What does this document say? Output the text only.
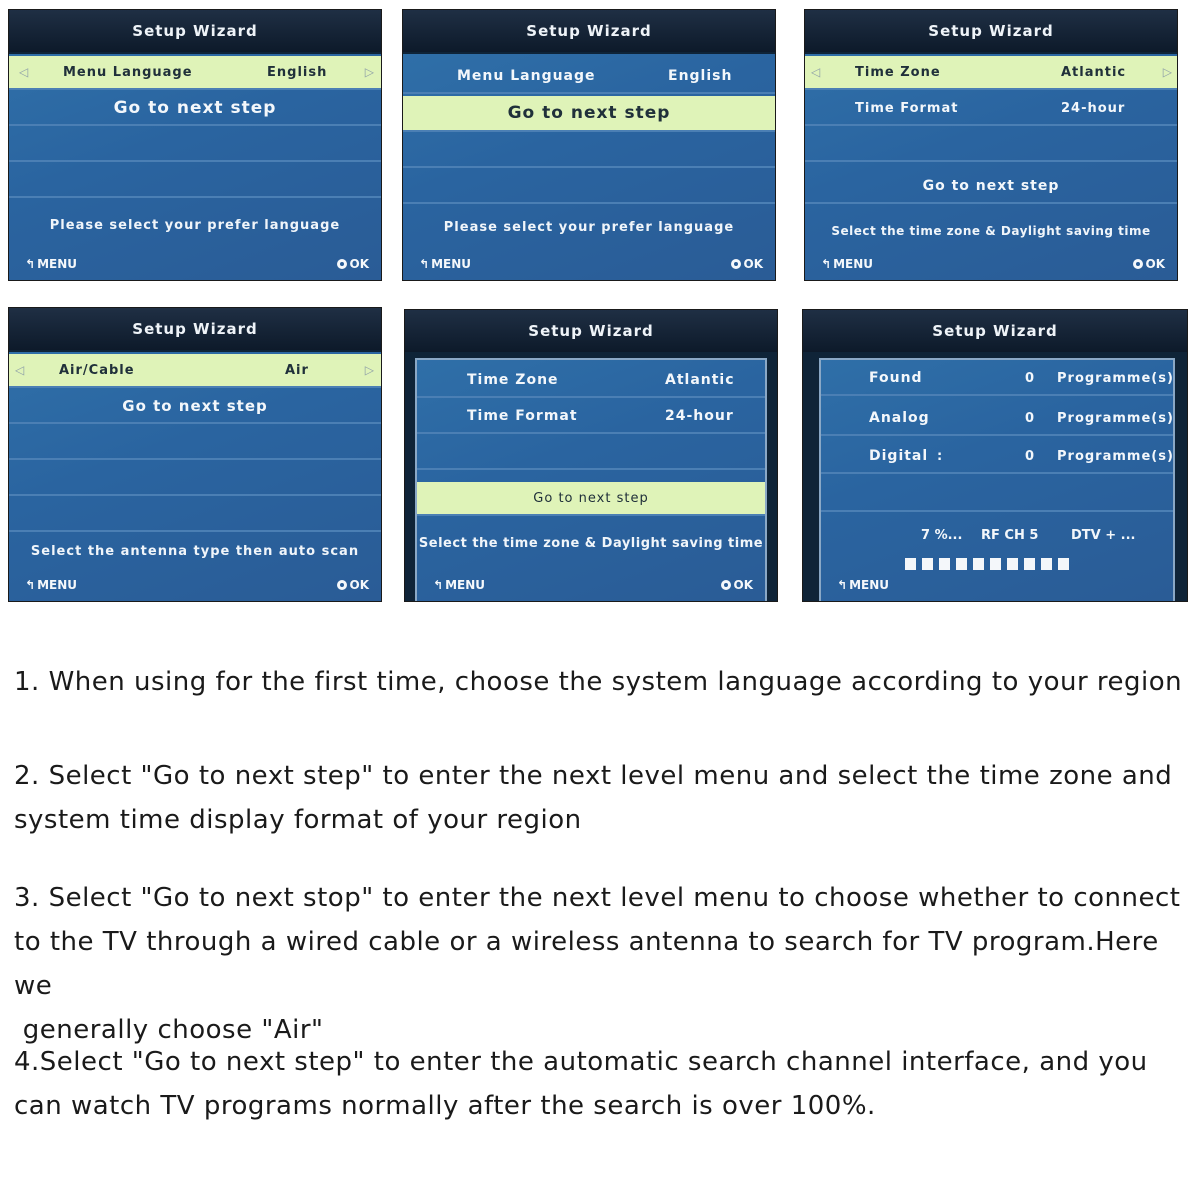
Setup Wizard
◁	Menu Language	English	▷
Go to next step
Please select your prefer language
↰ MENU	OK
Setup Wizard
Menu Language	English
Go to next step
Please select your prefer language
↰ MENU	OK
Setup Wizard
◁	Time Zone	Atlantic	▷
Time Format	24-hour
Go to next step
Select the time zone & Daylight saving time
↰ MENU	OK
Setup Wizard
◁	Air/Cable	Air	▷
Go to next step
Select the antenna type then auto scan
↰ MENU	OK
Setup Wizard
Time Zone	Atlantic
Time Format	24-hour
Go to next step
Select the time zone & Daylight saving time
↰ MENU	OK
Setup Wizard
Found	0 Programme(s)
Analog	0 Programme(s)
Digital :	0 Programme(s)
7 %... RF CH 5	DTV + ...
↰ MENU
1. When using for the first time, choose the system language according to your region
2. Select "Go to next step" to enter the next level menu and select the time zone and
system time display format of your region
3. Select "Go to next stop" to enter the next level menu to choose whether to connect
to the TV through a wired cable or a wireless antenna to search for TV program.Here we
generally choose "Air"
4.Select "Go to next step" to enter the automatic search channel interface, and you
can watch TV programs normally after the search is over 100%.
